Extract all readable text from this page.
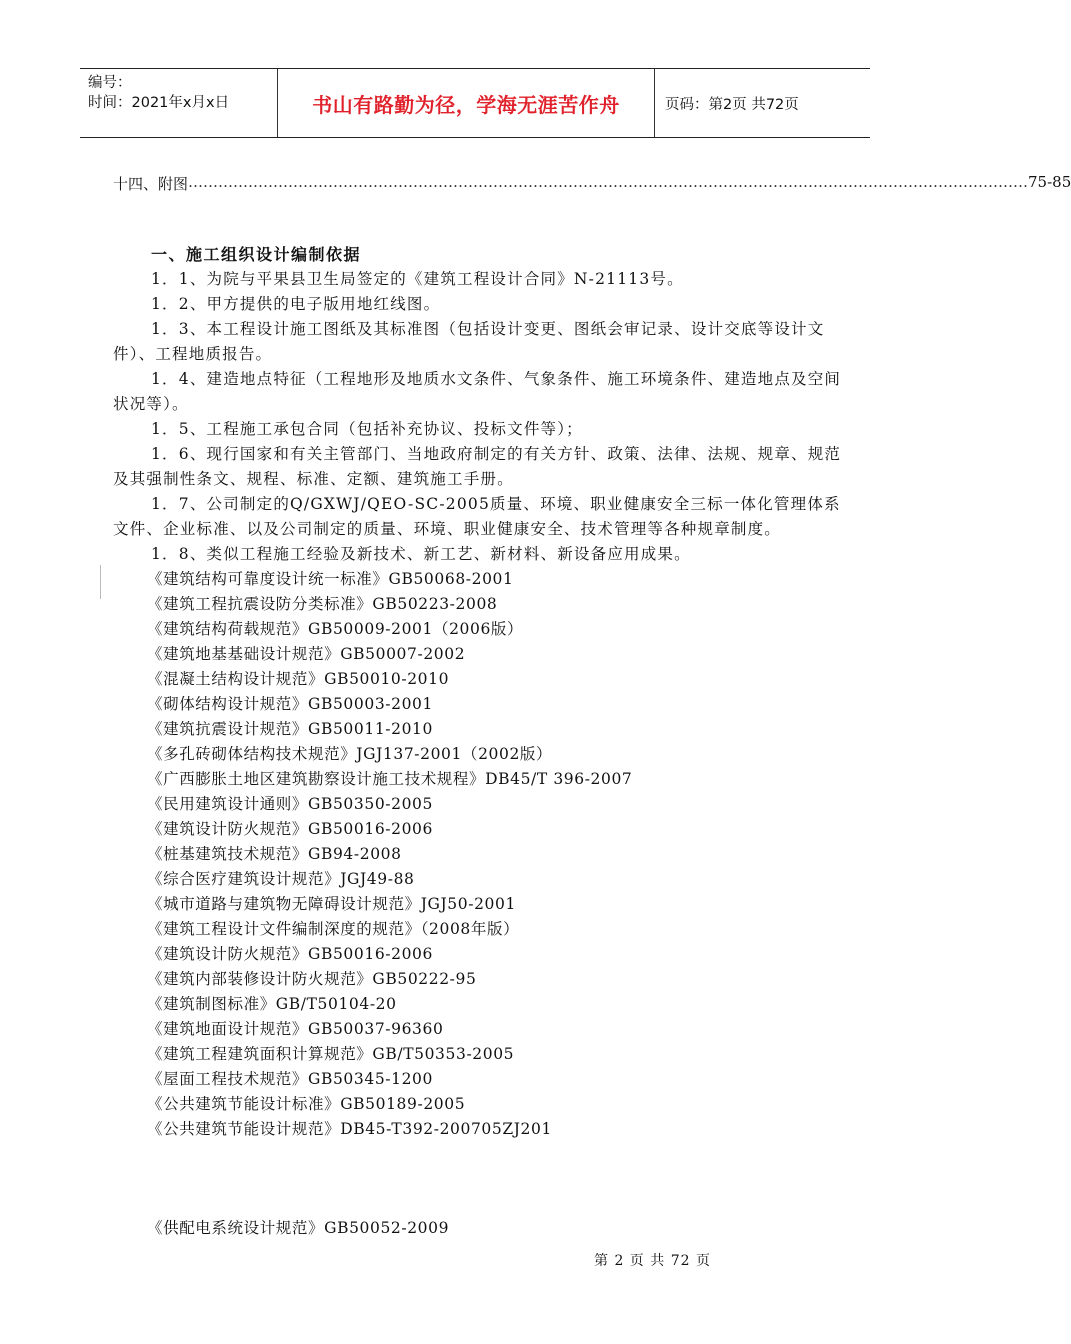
编号：
时间：2021年x月x日	书山有路勤为径，学海无涯苦作舟	页码：第2页 共72页
十四、附图 …………………………………………………………………………………………………………………………………………………… 75-85
一、施工组织设计编制依据

1．1、为院与平果县卫生局签定的《建筑工程设计合同》N-21113号。

1．2、甲方提供的电子版用地红线图。

1．3、本工程设计施工图纸及其标准图（包括设计变更、图纸会审记录、设计交底等设计文件）、工程地质报告。

1．4、建造地点特征（工程地形及地质水文条件、气象条件、施工环境条件、建造地点及空间状况等）。

1．5、工程施工承包合同（包括补充协议、投标文件等）；

1．6、现行国家和有关主管部门、当地政府制定的有关方针、政策、法律、法规、规章、规范及其强制性条文、规程、标准、定额、建筑施工手册。

1．7、公司制定的Q/GXWJ/QEO-SC-2005质量、环境、职业健康安全三标一体化管理体系文件、企业标准、以及公司制定的质量、环境、职业健康安全、技术管理等各种规章制度。

1．8、类似工程施工经验及新技术、新工艺、新材料、新设备应用成果。

《建筑结构可靠度设计统一标准》GB50068-2001

《建筑工程抗震设防分类标准》GB50223-2008

《建筑结构荷载规范》GB50009-2001（2006版）

《建筑地基基础设计规范》GB50007-2002

《混凝土结构设计规范》GB50010-2010

《砌体结构设计规范》GB50003-2001

《建筑抗震设计规范》GB50011-2010

《多孔砖砌体结构技术规范》JGJ137-2001（2002版）

《广西膨胀土地区建筑勘察设计施工技术规程》DB45/T 396-2007

《民用建筑设计通则》GB50350-2005

《建筑设计防火规范》GB50016-2006

《桩基建筑技术规范》GB94-2008

《综合医疗建筑设计规范》JGJ49-88

《城市道路与建筑物无障碍设计规范》JGJ50-2001

《建筑工程设计文件编制深度的规范》（2008年版）

《建筑设计防火规范》GB50016-2006

《建筑内部装修设计防火规范》GB50222-95

《建筑制图标准》GB/T50104-20

《建筑地面设计规范》GB50037-96360

《建筑工程建筑面积计算规范》GB/T50353-2005

《屋面工程技术规范》GB50345-1200

《公共建筑节能设计标准》GB50189-2005

《公共建筑节能设计规范》DB45-T392-200705ZJ201

《供配电系统设计规范》GB50052-2009
第 2 页 共 72 页
